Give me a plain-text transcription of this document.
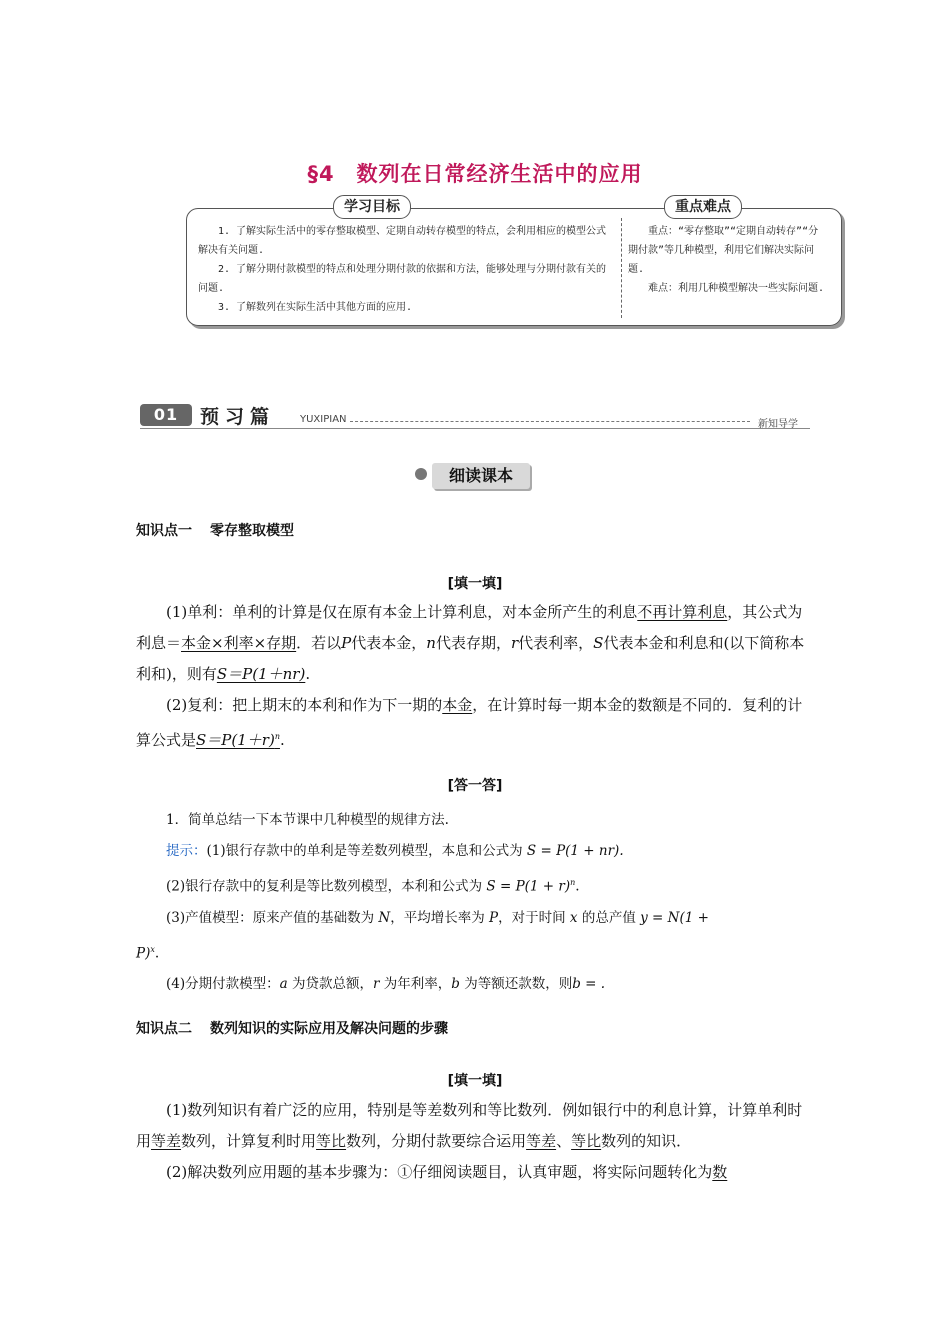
§4　数列在日常经济生活中的应用
学习目标	重点难点

1. 了解实际生活中的零存整取模型、定期自动转存模型的特点，会利用相应的模型公式解决有关问题.

2. 了解分期付款模型的特点和处理分期付款的依据和方法，能够处理与分期付款有关的问题.

3. 了解数列在实际生活中其他方面的应用.

重点：“零存整取”“定期自动转存”“分期付款”等几种模型，利用它们解决实际问题.

难点：利用几种模型解决一些实际问题.

01	预习篇 YUXIPIAN	新知导学
细读课本
知识点一 零存整取模型
[填一填]

(1)单利：单利的计算是仅在原有本金上计算利息，对本金所产生的利息不再计算利息，其公式为利息＝本金×利率×存期．若以P代表本金，n代表存期，r代表利率，S代表本金和利息和(以下简称本利和)，则有S＝P(1＋nr).

(2)复利：把上期末的本利和作为下一期的本金，在计算时每一期本金的数额是不同的．复利的计算公式是$S=P(1+r)^n$.

[答一答]

1．简单总结一下本节课中几种模型的规律方法.

提示：(1)银行存款中的单利是等差数列模型，本息和公式为 S = P(1 + nr).

(2)银行存款中的复利是等比数列模型，本利和公式为 $S = P(1 + r)^n$.

(3)产值模型：原来产值的基础数为 N，平均增长率为 P，对于时间 x 的总产值 y = N(1 +
P)$^x$.

(4)分期付款模型：a 为贷款总额，r 为年利率，b 为等额还款数，则b = .

知识点二 数列知识的实际应用及解决问题的步骤
[填一填]

(1)数列知识有着广泛的应用，特别是等差数列和等比数列．例如银行中的利息计算，计算单利时用等差数列，计算复利时用等比数列，分期付款要综合运用等差、等比数列的知识．

(2)解决数列应用题的基本步骤为：①仔细阅读题目，认真审题，将实际问题转化为数
